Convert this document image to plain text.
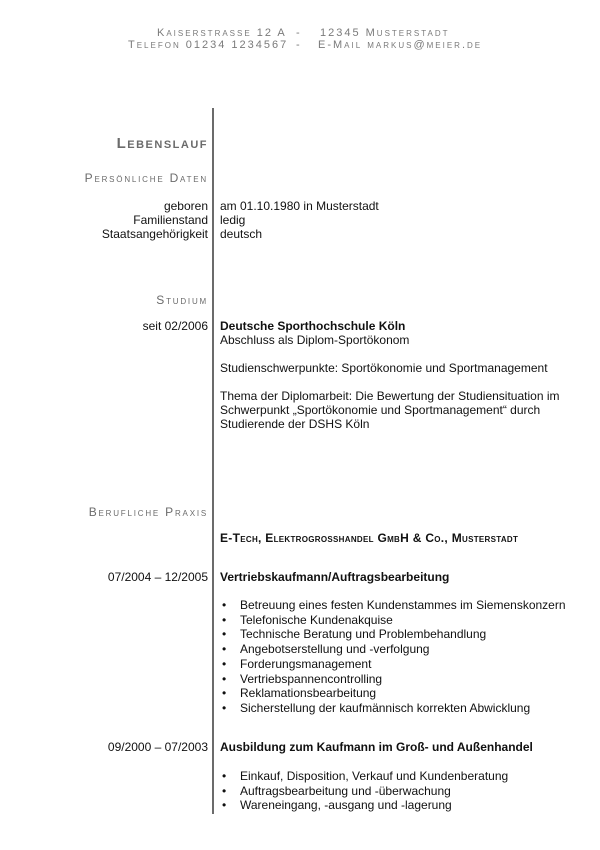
Kaiserstrasse 12 A - 12345 Musterstadt
Telefon 01234 1234567 - E-Mail markus@meier.de
Lebenslauf
Persönliche Daten
geboren am 01.10.1980 in Musterstadt
Familienstand ledig
Staatsangehörigkeit deutsch
Studium
seit 02/2006 Deutsche Sporthochschule Köln
Abschluss als Diplom-Sportökonom
Studienschwerpunkte: Sportökonomie und Sportmanagement
Thema der Diplomarbeit: Die Bewertung der Studiensituation im
Schwerpunkt „Sportökonomie und Sportmanagement“ durch
Studierende der DSHS Köln
Berufliche Praxis
E-Tech, Elektrogrosshandel GmbH & Co., Musterstadt
07/2004 – 12/2005 Vertriebskaufmann/Auftragsbearbeitung
• Betreuung eines festen Kundenstammes im Siemenskonzern
• Telefonische Kundenakquise
• Technische Beratung und Problembehandlung
• Angebotserstellung und -verfolgung
• Forderungsmanagement
• Vertriebspannencontrolling
• Reklamationsbearbeitung
• Sicherstellung der kaufmännisch korrekten Abwicklung
09/2000 – 07/2003 Ausbildung zum Kaufmann im Groß- und Außenhandel
• Einkauf, Disposition, Verkauf und Kundenberatung
• Auftragsbearbeitung und -überwachung
• Wareneingang, -ausgang und -lagerung
